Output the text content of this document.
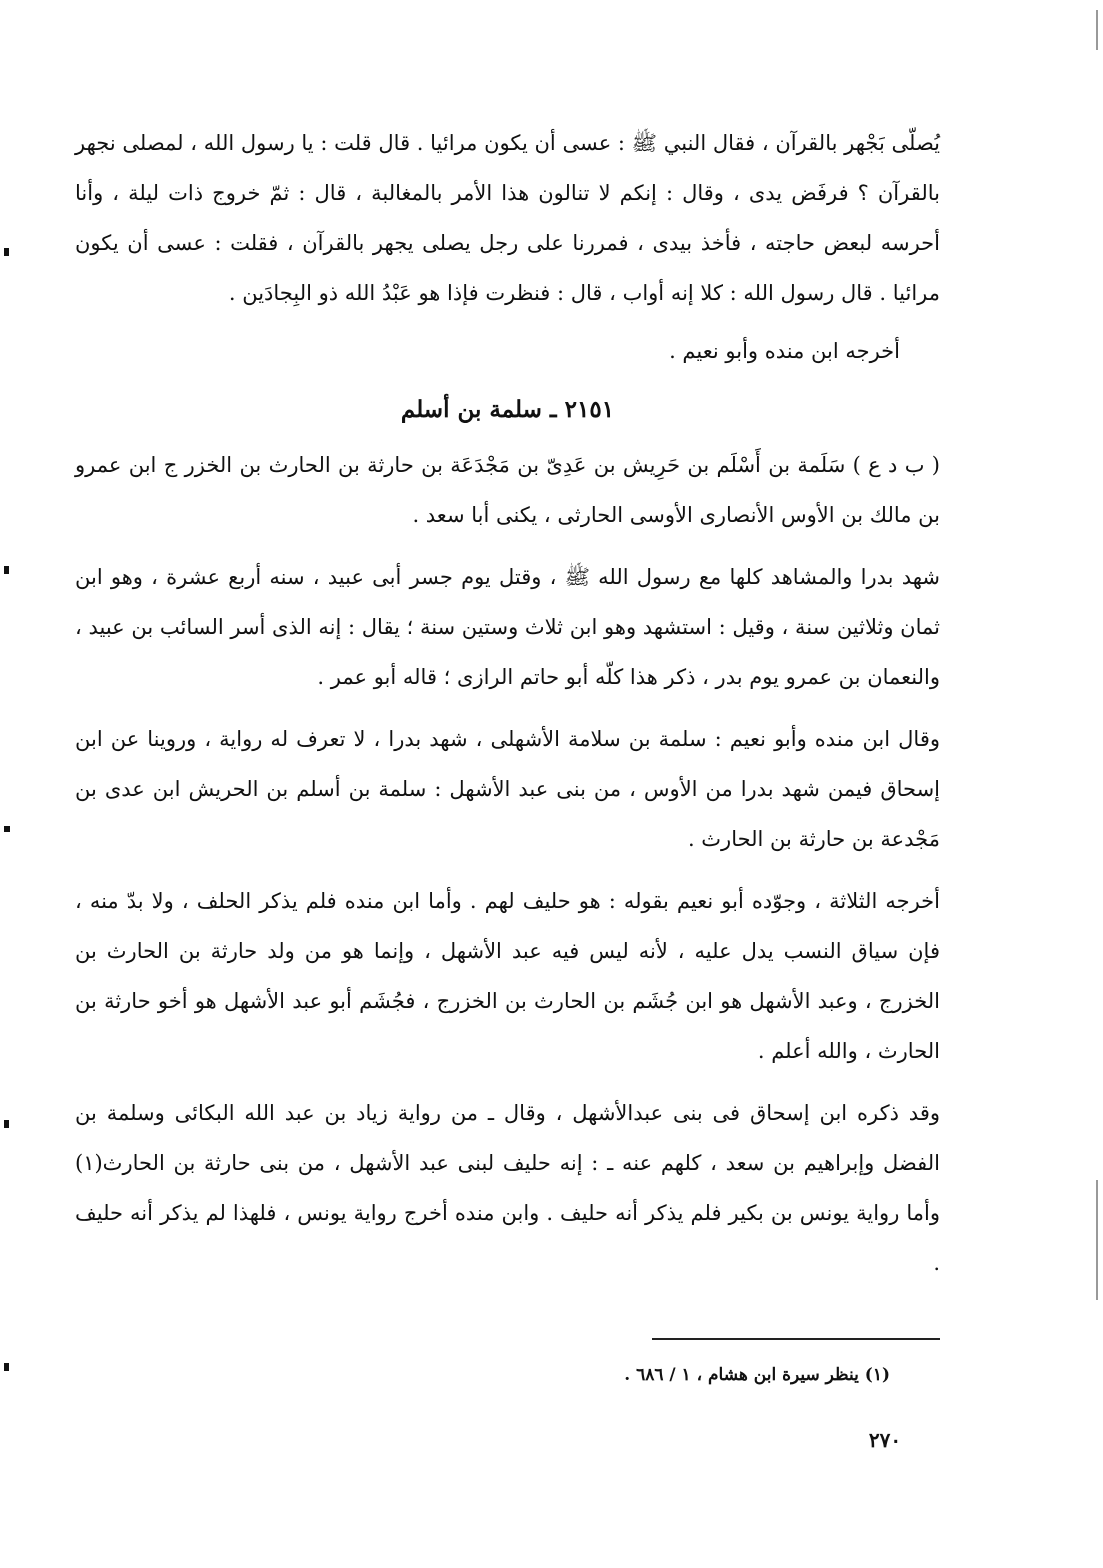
يُصلّى بَجْهر بالقرآن ، فقال النبي ﷺ : عسى أن يكون مرائيا . قال قلت : يا رسول الله ، لمصلى نجهر بالقرآن ؟ فرفَض يدى ، وقال : إنكم لا تنالون هذا الأمر بالمغالبة ، قال : ثمّ خروج ذات ليلة ، وأنا أحرسه لبعض حاجته ، فأخذ بيدى ، فمررنا على رجل يصلى يجهر بالقرآن ، فقلت : عسى أن يكون مرائيا . قال رسول الله : كلا إنه أواب ، قال : فنظرت فإذا هو عَبْدُ الله ذو البِجادَين .

أخرجه ابن منده وأبو نعيم .

٢١٥١ ـ سلمة بن أسلم

( ب د ع ) سَلَمة بن أَسْلَم بن حَرِيش بن عَدِىّ بن مَجْدَعَة بن حارثة بن الحارث بن الخزر ج ابن عمرو بن مالك بن الأوس الأنصارى الأوسى الحارثى ، يكنى أبا سعد .

شهد بدرا والمشاهد كلها مع رسول الله ﷺ ، وقتل يوم جسر أبى عبيد ، سنه أربع عشرة ، وهو ابن ثمان وثلاثين سنة ، وقيل : استشهد وهو ابن ثلاث وستين سنة ؛ يقال : إنه الذى أسر السائب بن عبيد ، والنعمان بن عمرو يوم بدر ، ذكر هذا كلّه أبو حاتم الرازى ؛ قاله أبو عمر .

وقال ابن منده وأبو نعيم : سلمة بن سلامة الأشهلى ، شهد بدرا ، لا تعرف له رواية ، وروينا عن ابن إسحاق فيمن شهد بدرا من الأوس ، من بنى عبد الأشهل : سلمة بن أسلم بن الحريش ابن عدى بن مَجْدعة بن حارثة بن الحارث .

أخرجه الثلاثة ، وجوّده أبو نعيم بقوله : هو حليف لهم . وأما ابن منده فلم يذكر الحلف ، ولا بدّ منه ، فإن سياق النسب يدل عليه ، لأنه ليس فيه عبد الأشهل ، وإنما هو من ولد حارثة بن الحارث بن الخزرج ، وعبد الأشهل هو ابن جُشَم بن الحارث بن الخزرج ، فجُشَم أبو عبد الأشهل هو أخو حارثة بن الحارث ، والله أعلم .

وقد ذكره ابن إسحاق فى بنى عبدالأشهل ، وقال ـ من رواية زياد بن عبد الله البكائى وسلمة بن الفضل وإبراهيم بن سعد ، كلهم عنه ـ : إنه حليف لبنى عبد الأشهل ، من بنى حارثة بن الحارث(١) وأما رواية يونس بن بكير فلم يذكر أنه حليف . وابن منده أخرج رواية يونس ، فلهذا لم يذكر أنه حليف .

(١) ينظر سيرة ابن هشام ، ١ / ٦٨٦ .
٢٧٠
